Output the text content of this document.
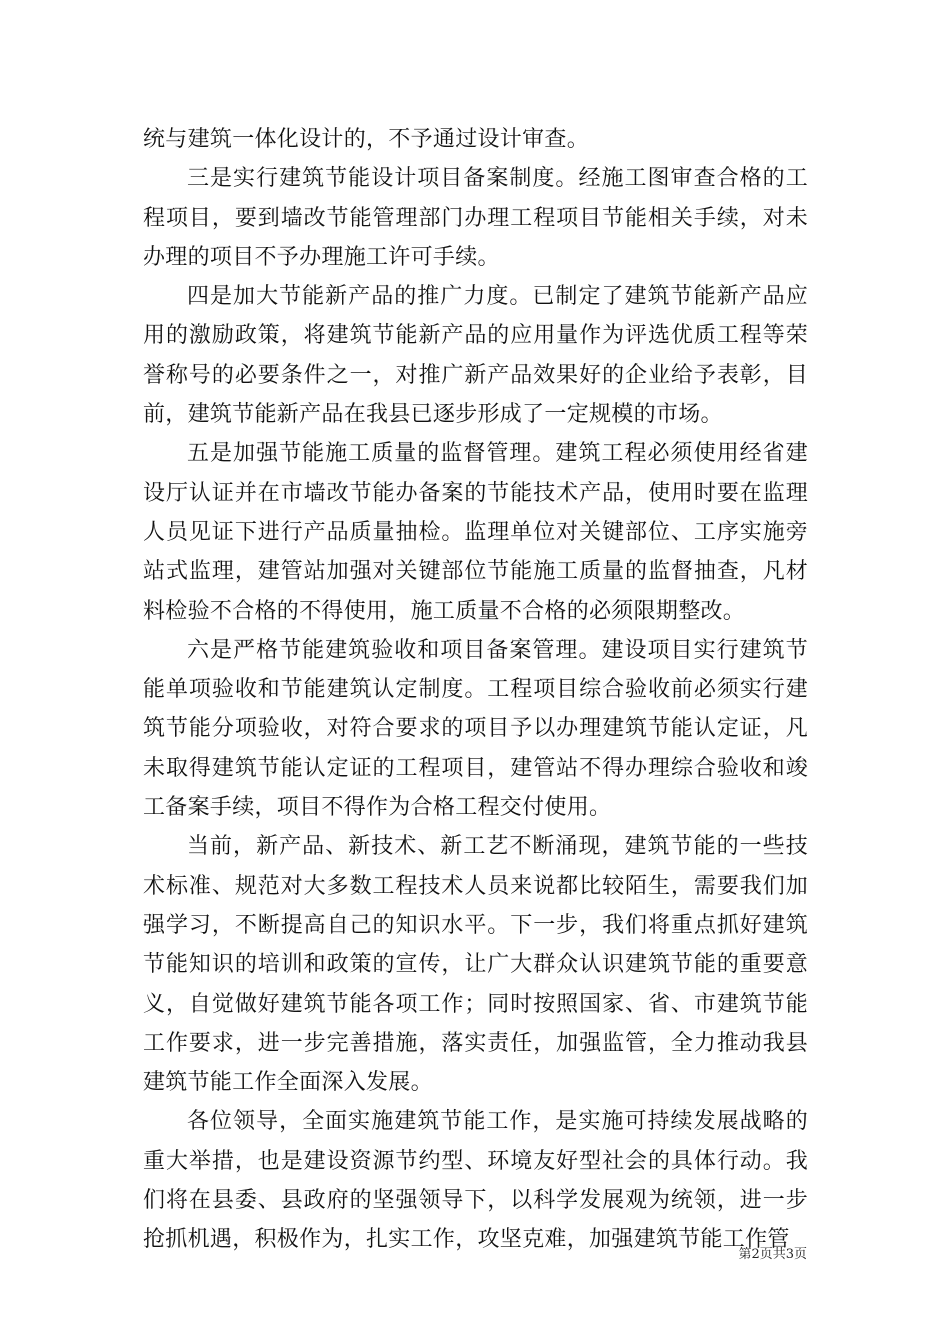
统与建筑一体化设计的，不予通过设计审查。

三是实行建筑节能设计项目备案制度。经施工图审查合格的工程项目，要到墙改节能管理部门办理工程项目节能相关手续，对未办理的项目不予办理施工许可手续。

四是加大节能新产品的推广力度。已制定了建筑节能新产品应用的激励政策，将建筑节能新产品的应用量作为评选优质工程等荣誉称号的必要条件之一，对推广新产品效果好的企业给予表彰，目前，建筑节能新产品在我县已逐步形成了一定规模的市场。

五是加强节能施工质量的监督管理。建筑工程必须使用经省建设厅认证并在市墙改节能办备案的节能技术产品，使用时要在监理人员见证下进行产品质量抽检。监理单位对关键部位、工序实施旁站式监理，建管站加强对关键部位节能施工质量的监督抽查，凡材料检验不合格的不得使用，施工质量不合格的必须限期整改。

六是严格节能建筑验收和项目备案管理。建设项目实行建筑节能单项验收和节能建筑认定制度。工程项目综合验收前必须实行建筑节能分项验收，对符合要求的项目予以办理建筑节能认定证，凡未取得建筑节能认定证的工程项目，建管站不得办理综合验收和竣工备案手续，项目不得作为合格工程交付使用。

当前，新产品、新技术、新工艺不断涌现，建筑节能的一些技术标准、规范对大多数工程技术人员来说都比较陌生，需要我们加强学习，不断提高自己的知识水平。下一步，我们将重点抓好建筑节能知识的培训和政策的宣传，让广大群众认识建筑节能的重要意义，自觉做好建筑节能各项工作；同时按照国家、省、市建筑节能工作要求，进一步完善措施，落实责任，加强监管，全力推动我县建筑节能工作全面深入发展。

各位领导，全面实施建筑节能工作，是实施可持续发展战略的重大举措，也是建设资源节约型、环境友好型社会的具体行动。我们将在县委、县政府的坚强领导下，以科学发展观为统领，进一步抢抓机遇，积极作为，扎实工作，攻坚克难，加强建筑节能工作管

第2页共3页
